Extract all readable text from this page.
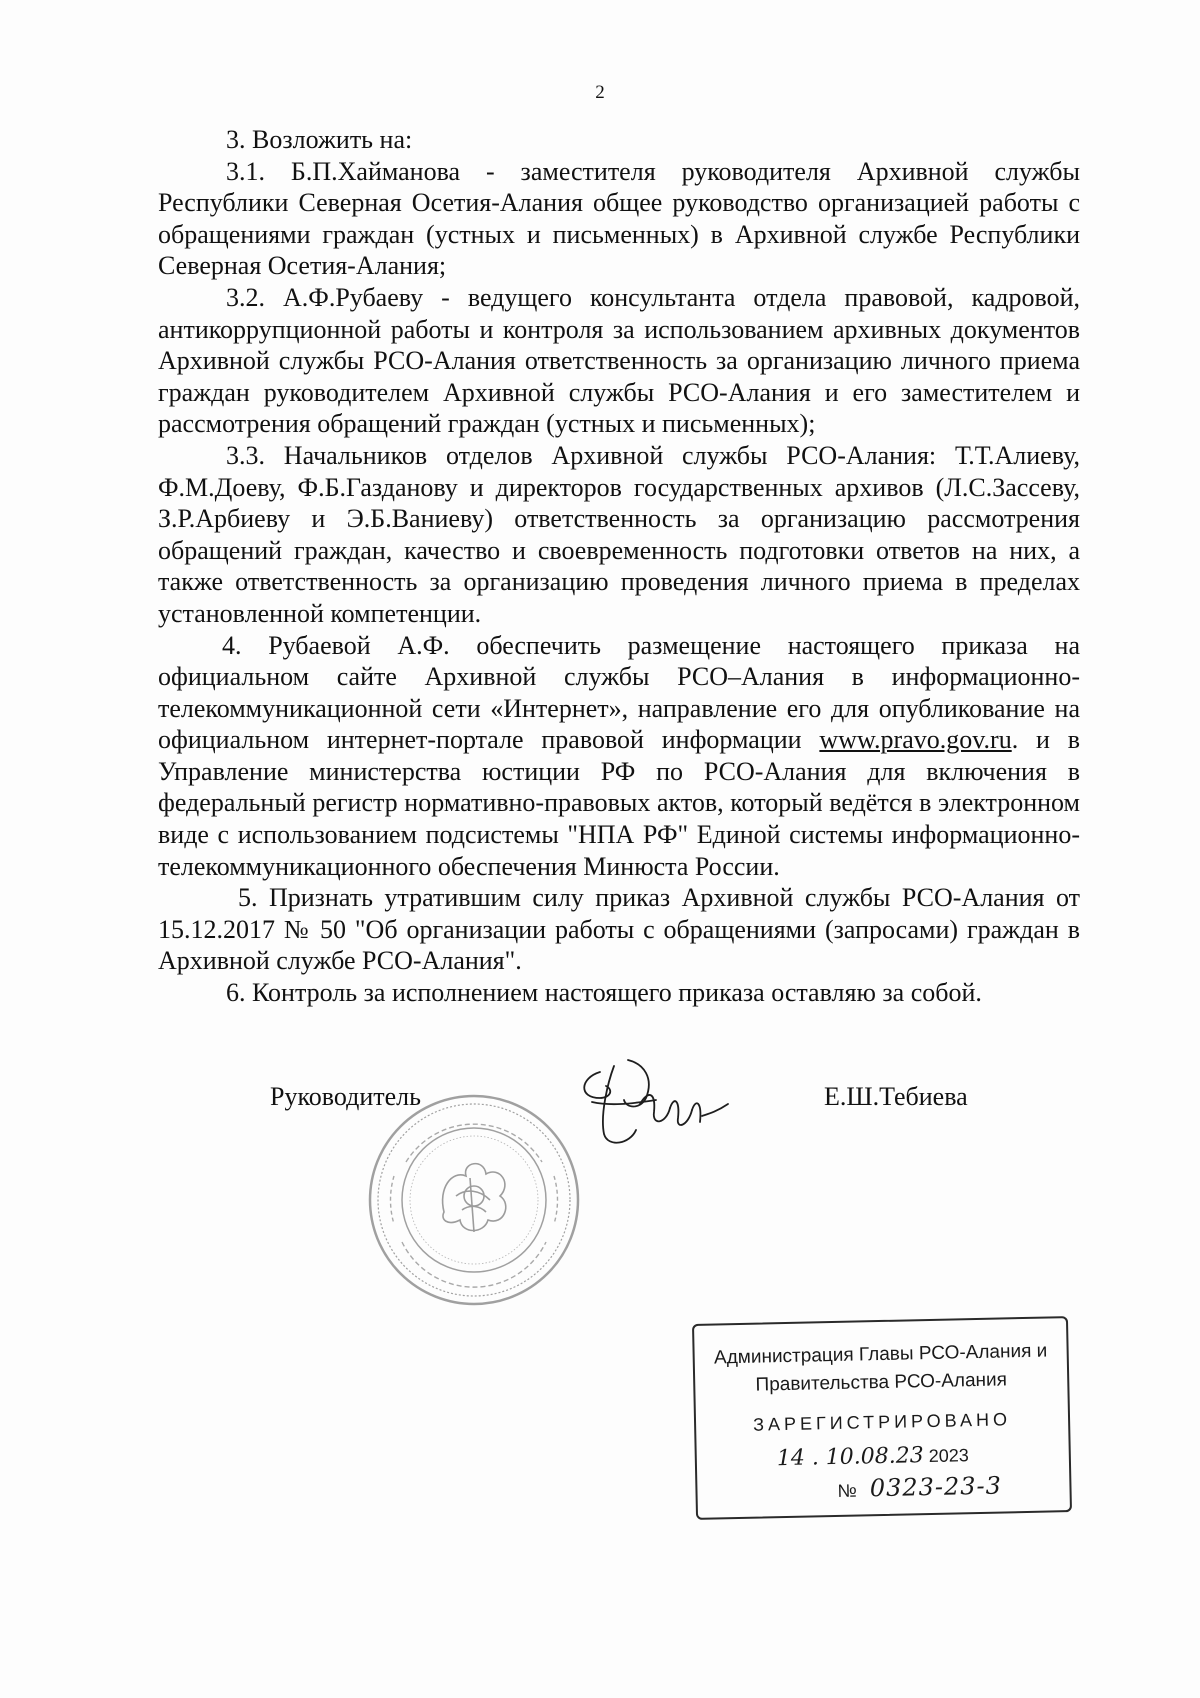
2

3. Возложить на:

3.1. Б.П.Хайманова - заместителя руководителя Архивной службы Республики Северная Осетия-Алания общее руководство организацией работы с обращениями граждан (устных и письменных) в Архивной службе Республики Северная Осетия-Алания;

3.2. А.Ф.Рубаеву - ведущего консультанта отдела правовой, кадровой, антикоррупционной работы и контроля за использованием архивных документов Архивной службы РСО-Алания ответственность за организацию личного приема граждан руководителем Архивной службы РСО-Алания и его заместителем и рассмотрения обращений граждан (устных и письменных);

3.3. Начальников отделов Архивной службы РСО-Алания: Т.Т.Алиеву, Ф.М.Доеву, Ф.Б.Газданову и директоров государственных архивов (Л.С.Зассеву, З.Р.Арбиеву и Э.Б.Ваниеву) ответственность за организацию рассмотрения обращений граждан, качество и своевременность подготовки ответов на них, а также ответственность за организацию проведения личного приема в пределах установленной компетенции.

4. Рубаевой А.Ф. обеспечить размещение настоящего приказа на официальном сайте Архивной службы РСО–Алания в информационно-телекоммуникационной сети «Интернет», направление его для опубликование на официальном интернет-портале правовой информации www.pravo.gov.ru. и в Управление министерства юстиции РФ по РСО-Алания для включения в федеральный регистр нормативно-правовых актов, который ведётся в электронном виде с использованием подсистемы "НПА РФ" Единой системы информационно-телекоммуникационного обеспечения Минюста России.

5. Признать утратившим силу приказ Архивной службы РСО-Алания от 15.12.2017 № 50 "Об организации работы с обращениями (запросами) граждан в Архивной службе РСО-Алания".

6. Контроль за исполнением настоящего приказа оставляю за собой.

Руководитель	Е.Ш.Тебиева
Администрация Главы РСО-Алания и
Правительства РСО-Алания
ЗАРЕГИСТРИРОВАНО
14 . 10.08.23 2023
№ 0323-23-3
